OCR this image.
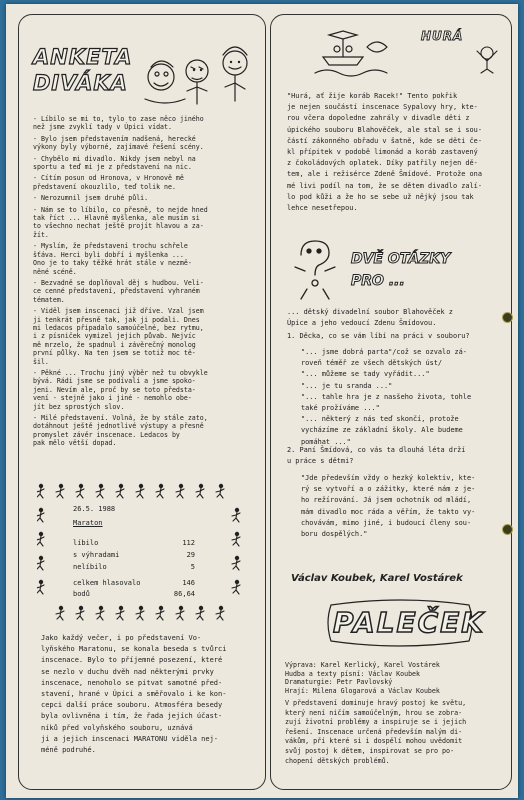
ANKETA
DIVÁKA
- Líbilo se mi to, tylo to zase něco jiného
než jsme zvyklí tady v Úpici vídat.
- Bylo jsem představením nadšená, herecké
výkony byly výborné, zajímavé řešení scény.
- Chybělo mi divadlo. Nikdy jsem nebyl na
sportu a teď mi je z představení na nic.
- Cítím posun od Hronova, v Hronově mě
představení okouzlilo, teď tolik ne.
- Nerozumnil jsem druhé půli.
- Nám se to líbilo, co přesně, to nejde hned
tak říct ... Hlavně myšlenka, ale musím si
to všechno nechat ještě projít hlavou a za-
žít.
- Myslím, že představení trochu schřele
šťáva. Herci byli dobří i myšlenka ...
Ono je to taky těžké hrát stále v nezmě-
něné scéně.
- Bezvadně se doplňoval děj s hudbou. Veli-
ce cenné představení, představení vyhraném
tématem.
- Viděl jsem inscenaci již dříve. Vzal jsem
ji tenkrát přesně tak, jak ji podali. Dnes
mi ledacos připadalo samoúčelné, bez rytmu,
i z písniček vymizel jejich půvab. Nejvíc
mě mrzelo, že spadnul i závěrečný monolog
první půlky. Na ten jsem se totiž moc tě-
šil.
- Pěkné ... Trochu jiný výběr než tu obvykle
bývá. Rádi jsme se podívali a jsme spoko-
jeni. Nevím ale, proč by se toto předsta-
vení - stejně jako i jiné - nemohlo obe-
jít bez sprostých slov.
- Milé představení. Volná, že by stále zato,
dotáhnout ještě jednotlivé výstupy a přesně
promyslet závěr inscenace. Ledacos by
pak mělo větší dopad.
26.5. 1988
Maraton
líbilo	112
s výhradami	29
nelíbilo	5
celkem hlasovalo	146
bodů	86,64
Jako každý večer, i po představení Vo-
lyňského Maratonu, se konala beseda s tvůrci
inscenace. Bylo to příjemné posezení, které
se nezlo v duchu dvěh nad některými prvky
inscenace, nenoholo se pitvat samotné před-
stavení, hrané v Úpici a směřovalo i ke kon-
cepci další práce souboru. Atmosféra besedy
byla ovlivněna i tím, že řada jejích účast-
níků před volyňského souboru, uznává
ji a jejich inscenaci MARATONU viděla nej-
méně podruhé.
HURÁ
"Hurá, ať žije koráb Racek!" Tento pokřik
je nejen součástí inscenace Sypalovy hry, kte-
rou včera dopoledne zahrály v divadle děti z
úpického souboru Blahověček, ale stal se i sou-
částí zákonného obřadu v šatně, kde se děti če-
kl přípitek v podobě limonád a koráb zastavený
z čokoládových oplatek. Díky patřily nejen dě-
tem, ale i režisérce Zdeně Šmídové. Protože ona
mé livi podíl na tom, že se dětem divadlo zalí-
lo pod kůži a že ho se sebe už nějký jsou tak
lehce nesetřepou.
DVĚ OTÁZKY
PRO ...
... dětský divadelní soubor Blahověček z
Úpice a jeho vedoucí Zdenu Šmídovou.
1. Děcka, co se vám líbí na práci v souboru?
"... jsme dobrá parta"/což se ozvalo zá-
roveň téměř ze všech dětských úst/
"... můžeme se tady vyřádit..."
"... je tu sranda ..."
"... tahle hra je z nasšeho života, tohle
také prožíváme ..."
"... některý z nás teď skončí, protože
vycházíme ze základní školy. Ale budeme
pomáhat ..."
2. Paní Šmídová, co vás ta dlouhá léta drží
u práce s dětmi?
"Jde především vždy o hezký kolektiv, kte-
rý se vytvoří a o zážitky, které nám z je-
ho režírování. Já jsem ochotník od mládí,
mám divadlo moc ráda a věřím, že takto vy-
chovávám, mimo jiné, i budoucí členy sou-
boru dospělých."
Václav Koubek, Karel Vostárek
PALEČEK
Výprava: Karel Kerlický, Karel Vostárek
Hudba a texty písní: Václav Koubek
Dramaturgie: Petr Pavlovský
Hrají: Milena Glogarová a Václav Koubek
V představení dominuje hravý postoj ke světu,
který není ničím samoúčelným, hrou se zobra-
zují životní problémy a inspiruje se i jejich
řešení. Inscenace určená především malým di-
vákům, pří které si i dospělí mohou uvědomit
svůj postoj k dětem, inspirovat se pro po-
chopení dětských problémů.
